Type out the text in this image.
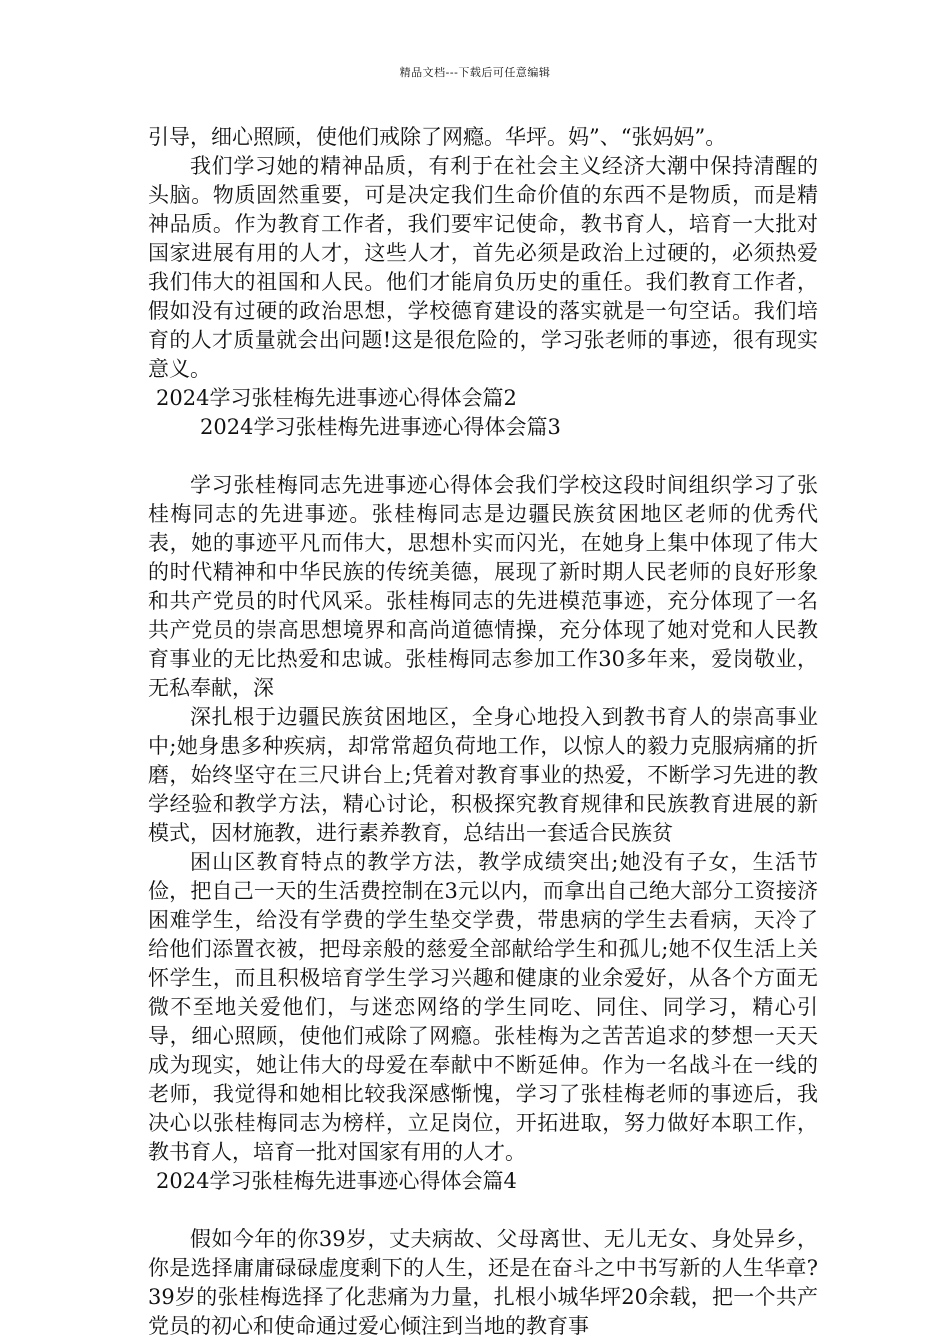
精品文档---下载后可任意编辑

引导，细心照顾，使他们戒除了网瘾。华坪。妈”、“张妈妈”。

我们学习她的精神品质，有利于在社会主义经济大潮中保持清醒的头脑。物质固然重要，可是决定我们生命价值的东西不是物质，而是精神品质。作为教育工作者，我们要牢记使命，教书育人，培育一大批对国家进展有用的人才，这些人才，首先必须是政治上过硬的，必须热爱我们伟大的祖国和人民。他们才能肩负历史的重任。我们教育工作者，假如没有过硬的政治思想，学校德育建设的落实就是一句空话。我们培育的人才质量就会出问题!这是很危险的，学习张老师的事迹，很有现实意义。

2024学习张桂梅先进事迹心得体会篇2

2024学习张桂梅先进事迹心得体会篇3

学习张桂梅同志先进事迹心得体会我们学校这段时间组织学习了张桂梅同志的先进事迹。张桂梅同志是边疆民族贫困地区老师的优秀代表，她的事迹平凡而伟大，思想朴实而闪光，在她身上集中体现了伟大的时代精神和中华民族的传统美德，展现了新时期人民老师的良好形象和共产党员的时代风采。张桂梅同志的先进模范事迹，充分体现了一名共产党员的崇高思想境界和高尚道德情操，充分体现了她对党和人民教育事业的无比热爱和忠诚。张桂梅同志参加工作30多年来，爱岗敬业，无私奉献，深

深扎根于边疆民族贫困地区，全身心地投入到教书育人的崇高事业中;她身患多种疾病，却常常超负荷地工作，以惊人的毅力克服病痛的折磨，始终坚守在三尺讲台上;凭着对教育事业的热爱，不断学习先进的教学经验和教学方法，精心讨论，积极探究教育规律和民族教育进展的新模式，因材施教，进行素养教育，总结出一套适合民族贫

困山区教育特点的教学方法，教学成绩突出;她没有子女，生活节俭，把自己一天的生活费控制在3元以内，而拿出自己绝大部分工资接济困难学生，给没有学费的学生垫交学费，带患病的学生去看病，天冷了给他们添置衣被，把母亲般的慈爱全部献给学生和孤儿;她不仅生活上关怀学生，而且积极培育学生学习兴趣和健康的业余爱好，从各个方面无微不至地关爱他们，与迷恋网络的学生同吃、同住、同学习，精心引导，细心照顾，使他们戒除了网瘾。张桂梅为之苦苦追求的梦想一天天成为现实，她让伟大的母爱在奉献中不断延伸。作为一名战斗在一线的老师，我觉得和她相比较我深感惭愧，学习了张桂梅老师的事迹后，我决心以张桂梅同志为榜样，立足岗位，开拓进取，努力做好本职工作，教书育人，培育一批对国家有用的人才。

2024学习张桂梅先进事迹心得体会篇4

假如今年的你39岁，丈夫病故、父母离世、无儿无女、身处异乡，你是选择庸庸碌碌虚度剩下的人生，还是在奋斗之中书写新的人生华章?39岁的张桂梅选择了化悲痛为力量，扎根小城华坪20余载，把一个共产党员的初心和使命通过爱心倾注到当地的教育事
